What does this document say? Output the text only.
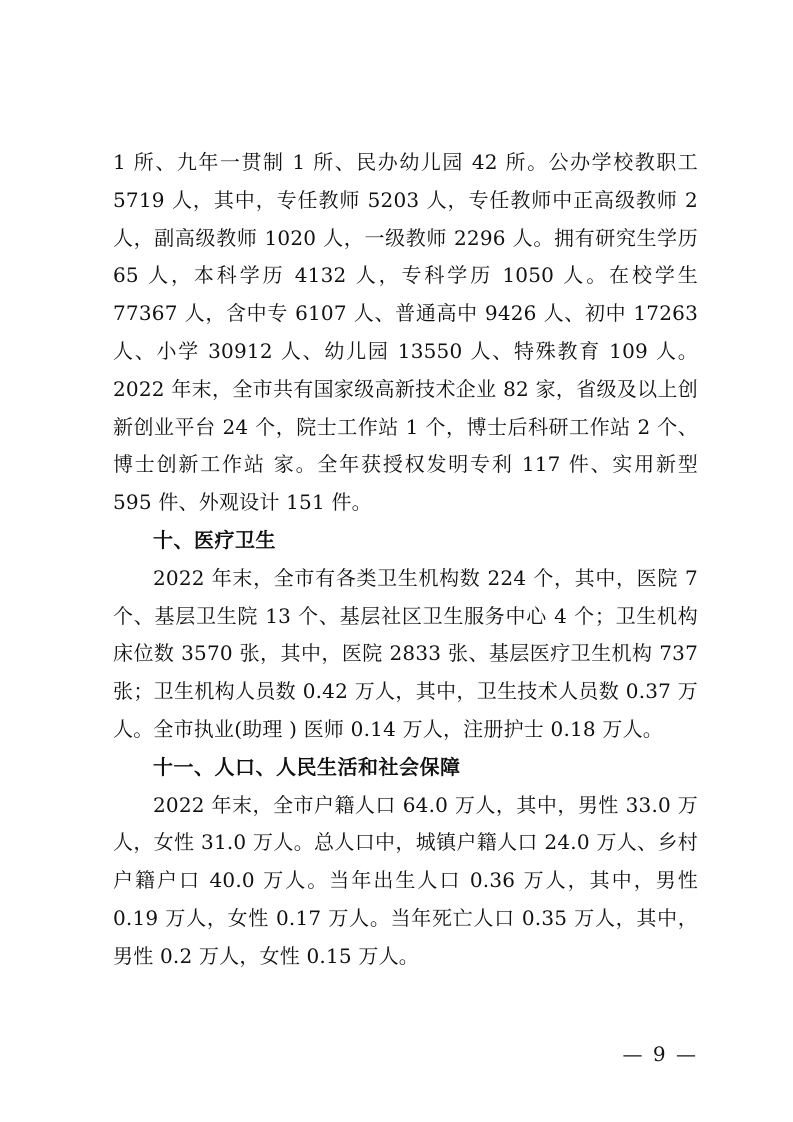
1 所、九年一贯制 1 所、民办幼儿园 42 所。公办学校教职工 5719 人，其中，专任教师 5203 人，专任教师中正高级教师 2 人，副高级教师 1020 人，一级教师 2296 人。拥有研究生学历 65 人，本科学历 4132 人，专科学历 1050 人。在校学生 77367 人，含中专 6107 人、普通高中 9426 人、初中 17263 人、小学 30912 人、幼儿园 13550 人、特殊教育 109 人。2022 年末，全市共有国家级高新技术企业 82 家，省级及以上创新创业平台 24 个，院士工作站 1 个，博士后科研工作站 2 个、博士创新工作站 家。全年获授权发明专利 117 件、实用新型 595 件、外观设计 151 件。

十、医疗卫生

2022 年末，全市有各类卫生机构数 224 个，其中，医院 7 个、基层卫生院 13 个、基层社区卫生服务中心 4 个；卫生机构床位数 3570 张，其中，医院 2833 张、基层医疗卫生机构 737 张；卫生机构人员数 0.42 万人，其中，卫生技术人员数 0.37 万人。全市执业(助理 ) 医师 0.14 万人，注册护士 0.18 万人。

十一、人口、人民生活和社会保障

2022 年末，全市户籍人口 64.0 万人，其中，男性 33.0 万人，女性 31.0 万人。总人口中，城镇户籍人口 24.0 万人、乡村户籍户口 40.0 万人。当年出生人口 0.36 万人，其中，男性 0.19 万人，女性 0.17 万人。当年死亡人口 0.35 万人，其中，男性 0.2 万人，女性 0.15 万人。

— 9 —
